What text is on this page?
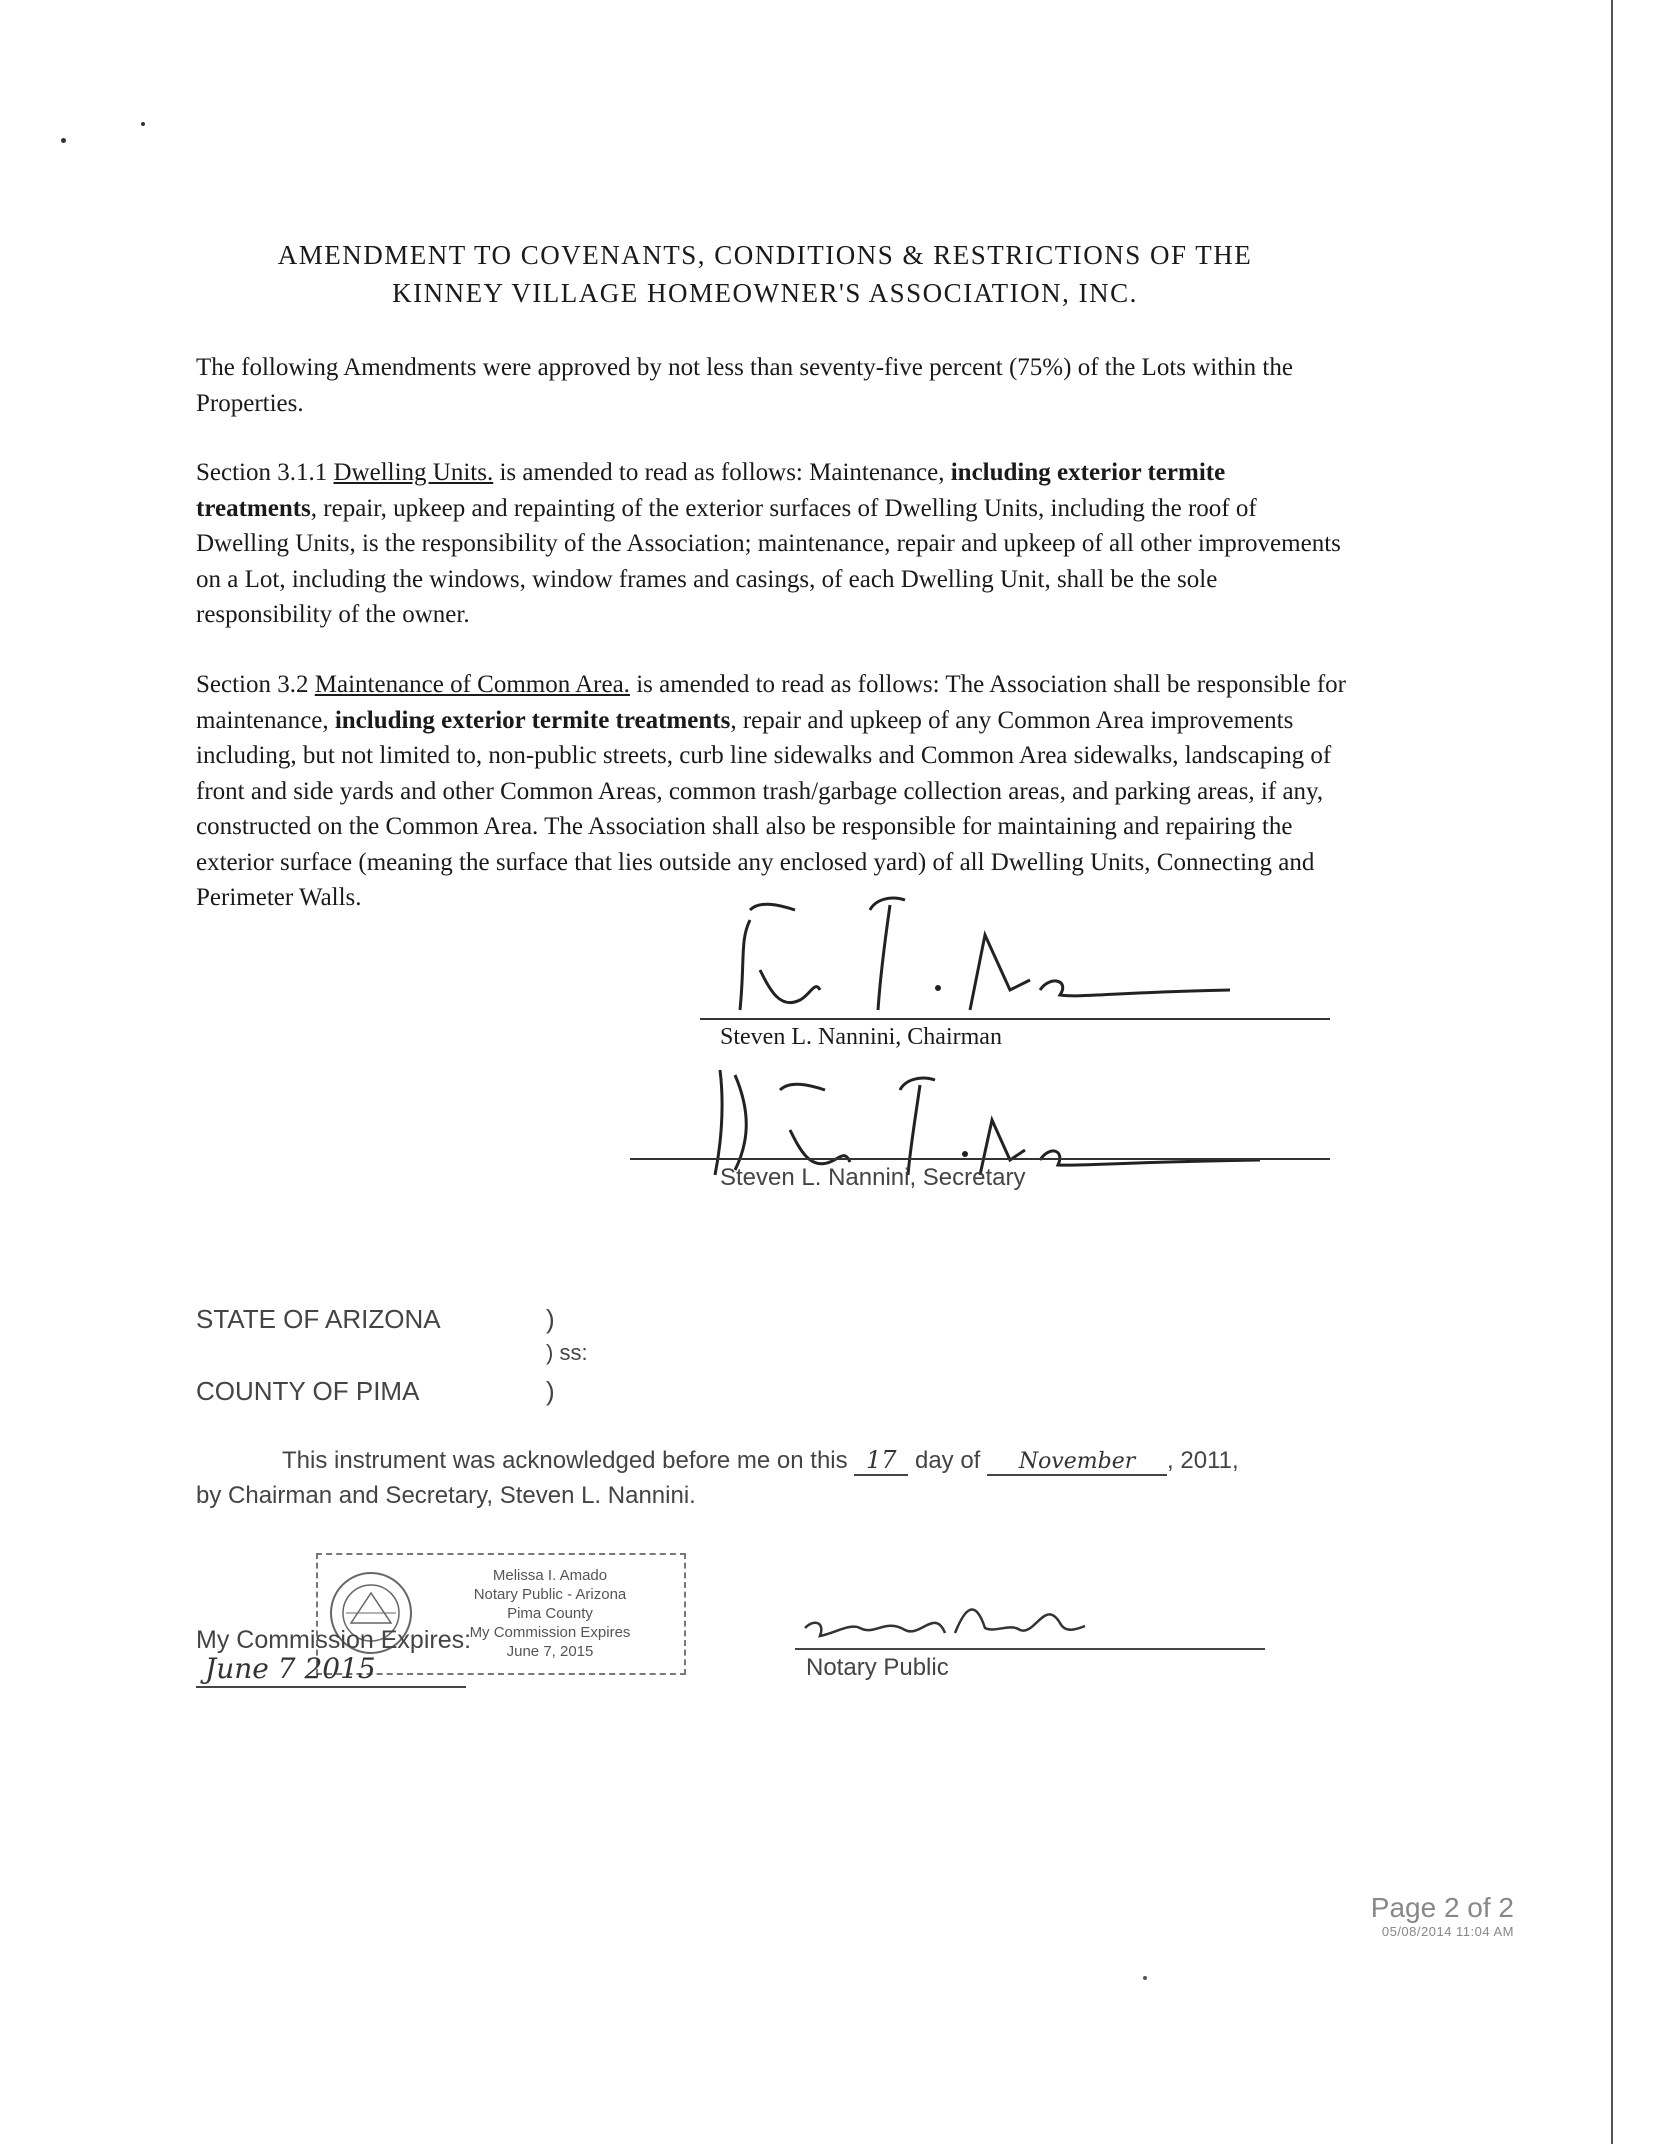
AMENDMENT TO COVENANTS, CONDITIONS & RESTRICTIONS OF THE
KINNEY VILLAGE HOMEOWNER'S ASSOCIATION, INC.
The following Amendments were approved by not less than seventy-five percent (75%) of the Lots within the Properties.
Section 3.1.1 Dwelling Units. is amended to read as follows: Maintenance, including exterior termite treatments, repair, upkeep and repainting of the exterior surfaces of Dwelling Units, including the roof of Dwelling Units, is the responsibility of the Association; maintenance, repair and upkeep of all other improvements on a Lot, including the windows, window frames and casings, of each Dwelling Unit, shall be the sole responsibility of the owner.
Section 3.2 Maintenance of Common Area. is amended to read as follows: The Association shall be responsible for maintenance, including exterior termite treatments, repair and upkeep of any Common Area improvements including, but not limited to, non-public streets, curb line sidewalks and Common Area sidewalks, landscaping of front and side yards and other Common Areas, common trash/garbage collection areas, and parking areas, if any, constructed on the Common Area. The Association shall also be responsible for maintaining and repairing the exterior surface (meaning the surface that lies outside any enclosed yard) of all Dwelling Units, Connecting and Perimeter Walls.
Steven L. Nannini, Chairman
Steven L. Nannini, Secretary
STATE OF ARIZONA	)
) ss:
COUNTY OF PIMA	)
This instrument was acknowledged before me on this 17 day of November , 2011,
by Chairman and Secretary, Steven L. Nannini.
Melissa I. Amado
Notary Public - Arizona
Pima County
My Commission Expires
June 7, 2015
My Commission Expires:
June 7 2015	Notary Public
Page 2 of 2
05/08/2014 11:04 AM
